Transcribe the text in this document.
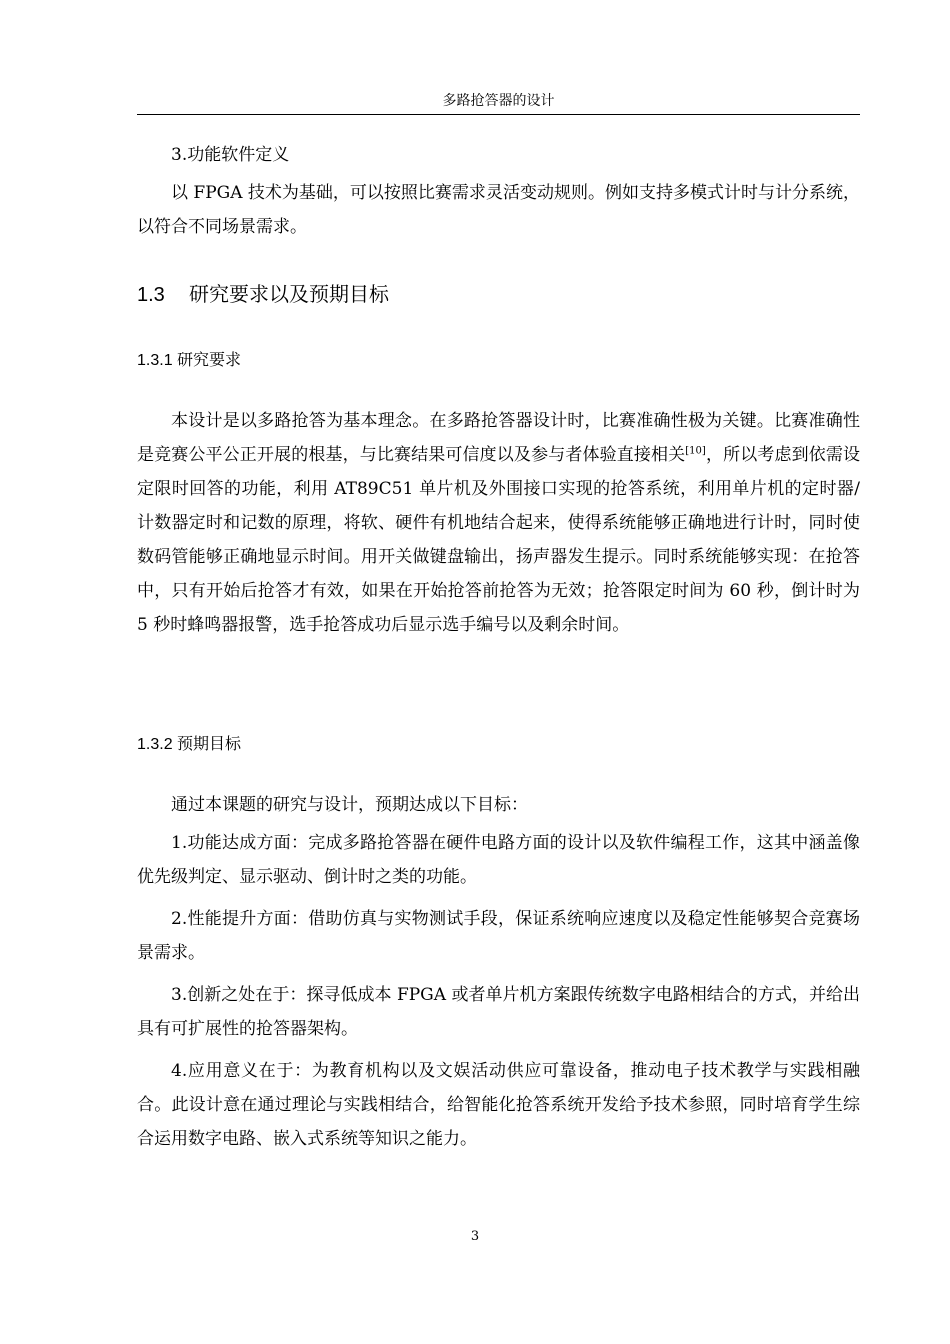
多路抢答器的设计

3.功能软件定义

以 FPGA 技术为基础，可以按照比赛需求灵活变动规则。例如支持多模式计时与计分系统，以符合不同场景需求。

1.3 研究要求以及预期目标
1.3.1 研究要求

本设计是以多路抢答为基本理念。在多路抢答器设计时，比赛准确性极为关键。比赛准确性是竞赛公平公正开展的根基，与比赛结果可信度以及参与者体验直接相关[10]，所以考虑到依需设定限时回答的功能，利用 AT89C51 单片机及外围接口实现的抢答系统，利用单片机的定时器/计数器定时和记数的原理，将软、硬件有机地结合起来，使得系统能够正确地进行计时，同时使数码管能够正确地显示时间。用开关做键盘输出，扬声器发生提示。同时系统能够实现：在抢答中，只有开始后抢答才有效，如果在开始抢答前抢答为无效；抢答限定时间为 60 秒，倒计时为 5 秒时蜂鸣器报警，选手抢答成功后显示选手编号以及剩余时间。

1.3.2 预期目标

通过本课题的研究与设计，预期达成以下目标：

1.功能达成方面：完成多路抢答器在硬件电路方面的设计以及软件编程工作，这其中涵盖像优先级判定、显示驱动、倒计时之类的功能。

2.性能提升方面：借助仿真与实物测试手段，保证系统响应速度以及稳定性能够契合竞赛场景需求。

3.创新之处在于：探寻低成本 FPGA 或者单片机方案跟传统数字电路相结合的方式，并给出具有可扩展性的抢答器架构。

4.应用意义在于：为教育机构以及文娱活动供应可靠设备，推动电子技术教学与实践相融合。此设计意在通过理论与实践相结合，给智能化抢答系统开发给予技术参照，同时培育学生综合运用数字电路、嵌入式系统等知识之能力。

3
